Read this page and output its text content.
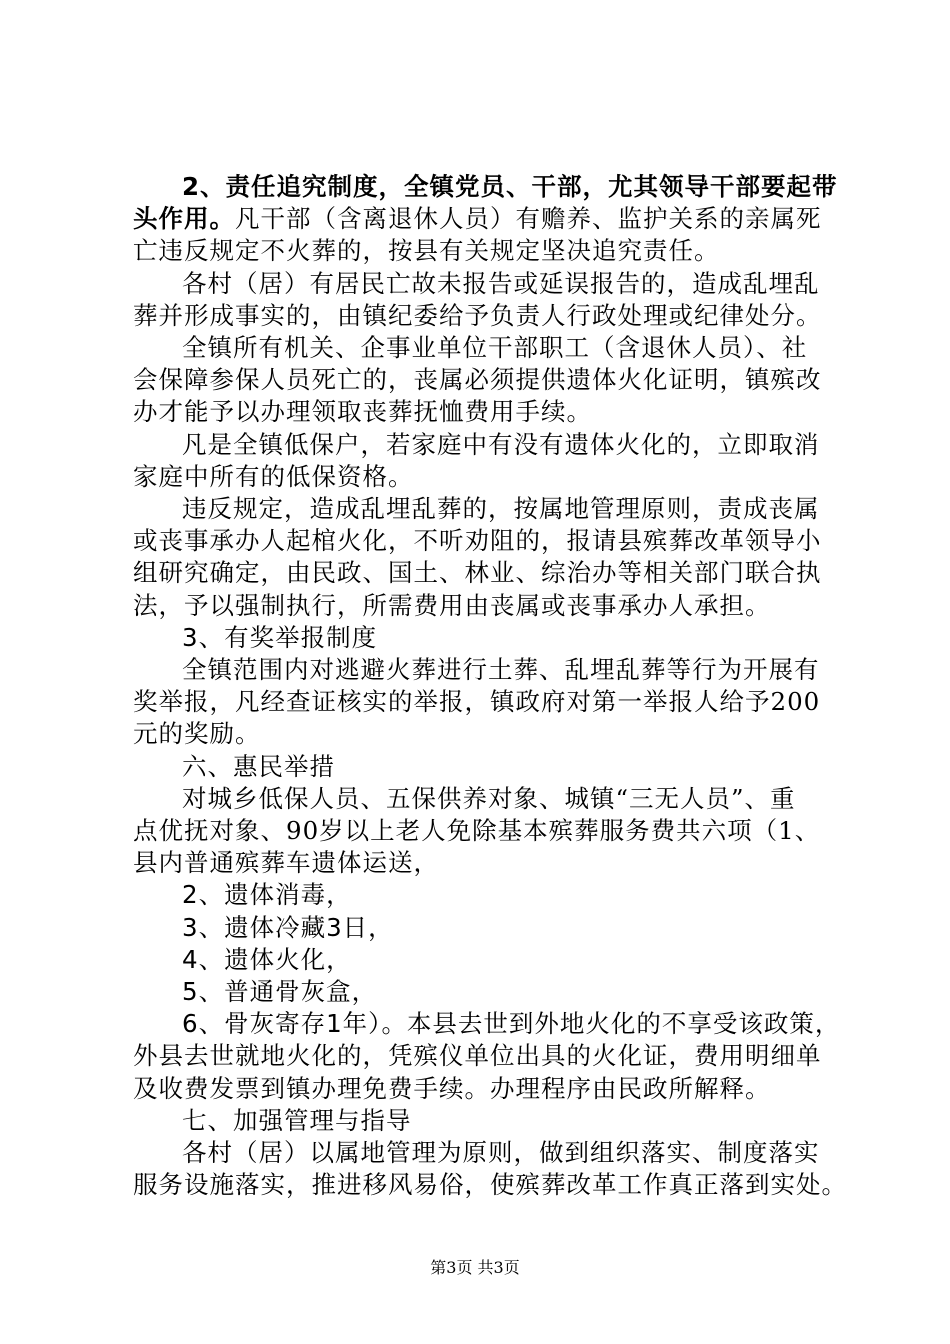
2、责任追究制度，全镇党员、干部，尤其领导干部要起带
头作用。凡干部（含离退休人员）有赡养、监护关系的亲属死
亡违反规定不火葬的，按县有关规定坚决追究责任。

各村（居）有居民亡故未报告或延误报告的，造成乱埋乱
葬并形成事实的，由镇纪委给予负责人行政处理或纪律处分。

全镇所有机关、企事业单位干部职工（含退休人员）、社
会保障参保人员死亡的，丧属必须提供遗体火化证明，镇殡改
办才能予以办理领取丧葬抚恤费用手续。

凡是全镇低保户，若家庭中有没有遗体火化的，立即取消
家庭中所有的低保资格。

违反规定，造成乱埋乱葬的，按属地管理原则，责成丧属
或丧事承办人起棺火化，不听劝阻的，报请县殡葬改革领导小
组研究确定，由民政、国土、林业、综治办等相关部门联合执
法，予以强制执行，所需费用由丧属或丧事承办人承担。

3、有奖举报制度

全镇范围内对逃避火葬进行土葬、乱埋乱葬等行为开展有
奖举报，凡经查证核实的举报，镇政府对第一举报人给予200
元的奖励。

六、惠民举措

对城乡低保人员、五保供养对象、城镇“三无人员”、重
点优抚对象、90岁以上老人免除基本殡葬服务费共六项（1、
县内普通殡葬车遗体运送，

2、遗体消毒，

3、遗体冷藏3日，

4、遗体火化，

5、普通骨灰盒，

6、骨灰寄存1年）。本县去世到外地火化的不享受该政策，
外县去世就地火化的，凭殡仪单位出具的火化证，费用明细单
及收费发票到镇办理免费手续。办理程序由民政所解释。

七、加强管理与指导

各村（居）以属地管理为原则，做到组织落实、制度落实
服务设施落实，推进移风易俗，使殡葬改革工作真正落到实处。

第3页 共3页
